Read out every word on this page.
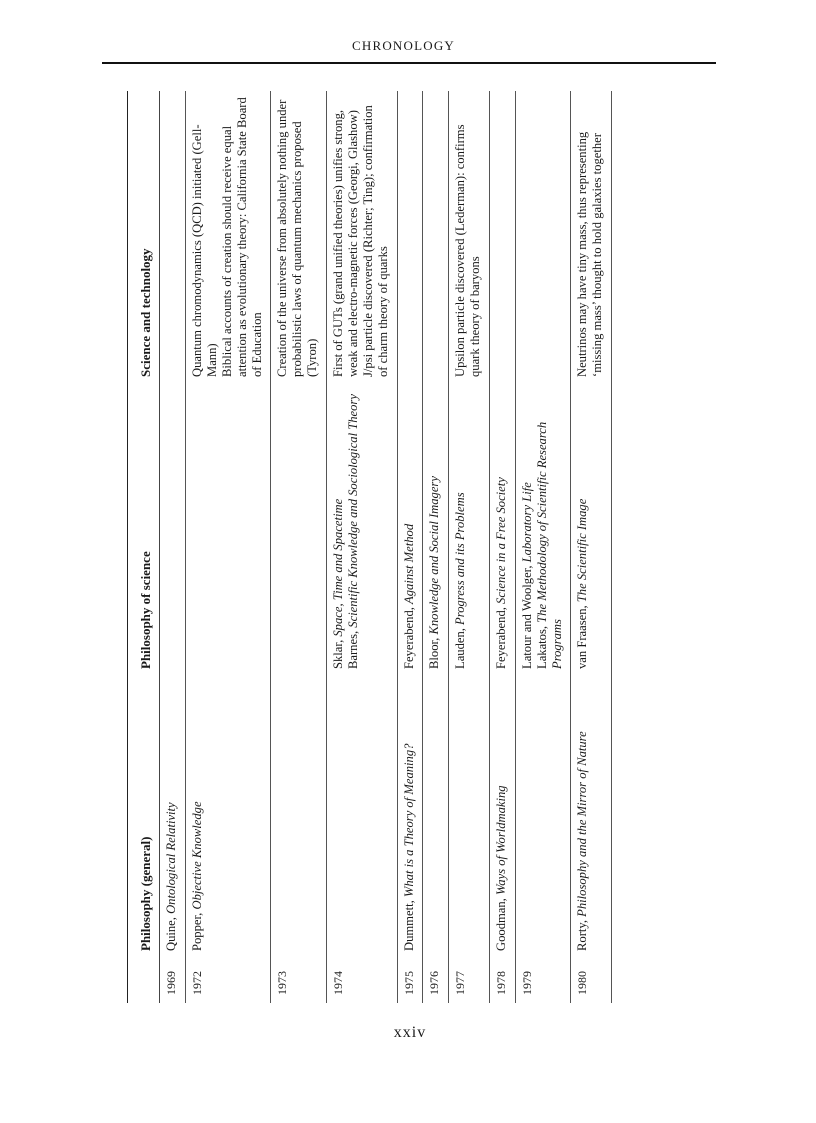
CHRONOLOGY
	Philosophy (general)	Philosophy of science	Science and technology
1969	Quine, Ontological Relativity		

1972	Popper, Objective Knowledge		Quantum chromodynamics (QCD) initiated (Gell-Mann) Biblical accounts of creation should receive equal attention as evolutionary theory: California State Board of Education

1973			Creation of the universe from absolutely nothing under probabilistic laws of quantum mechanics proposed (Tyron)

1974		Sklar, Space, Time and Spacetime
Barnes, Scientific Knowledge and Sociological Theory	First of GUTs (grand unified theories) unifies strong, weak and electro-magnetic forces (Georgi, Glashow) J/psi particle discovered (Richter; Ting); confirmation of charm theory of quarks

1975	Dummett, What is a Theory of Meaning?	Feyerabend, Against Method	

1976		Bloor, Knowledge and Social Imagery	

1977		Lauden, Progress and its Problems	Upsilon particle discovered (Lederman): confirms quark theory of baryons

1978	Goodman, Ways of Worldmaking	Feyerabend, Science in a Free Society	

1979		Latour and Woolger, Laboratory Life
Lakatos, The Methodology of Scientific Research Programs	

1980	Rorty, Philosophy and the Mirror of Nature	van Fraasen, The Scientific Image	Neutrinos may have tiny mass, thus representing ‘missing mass’ thought to hold galaxies together
xxiv
